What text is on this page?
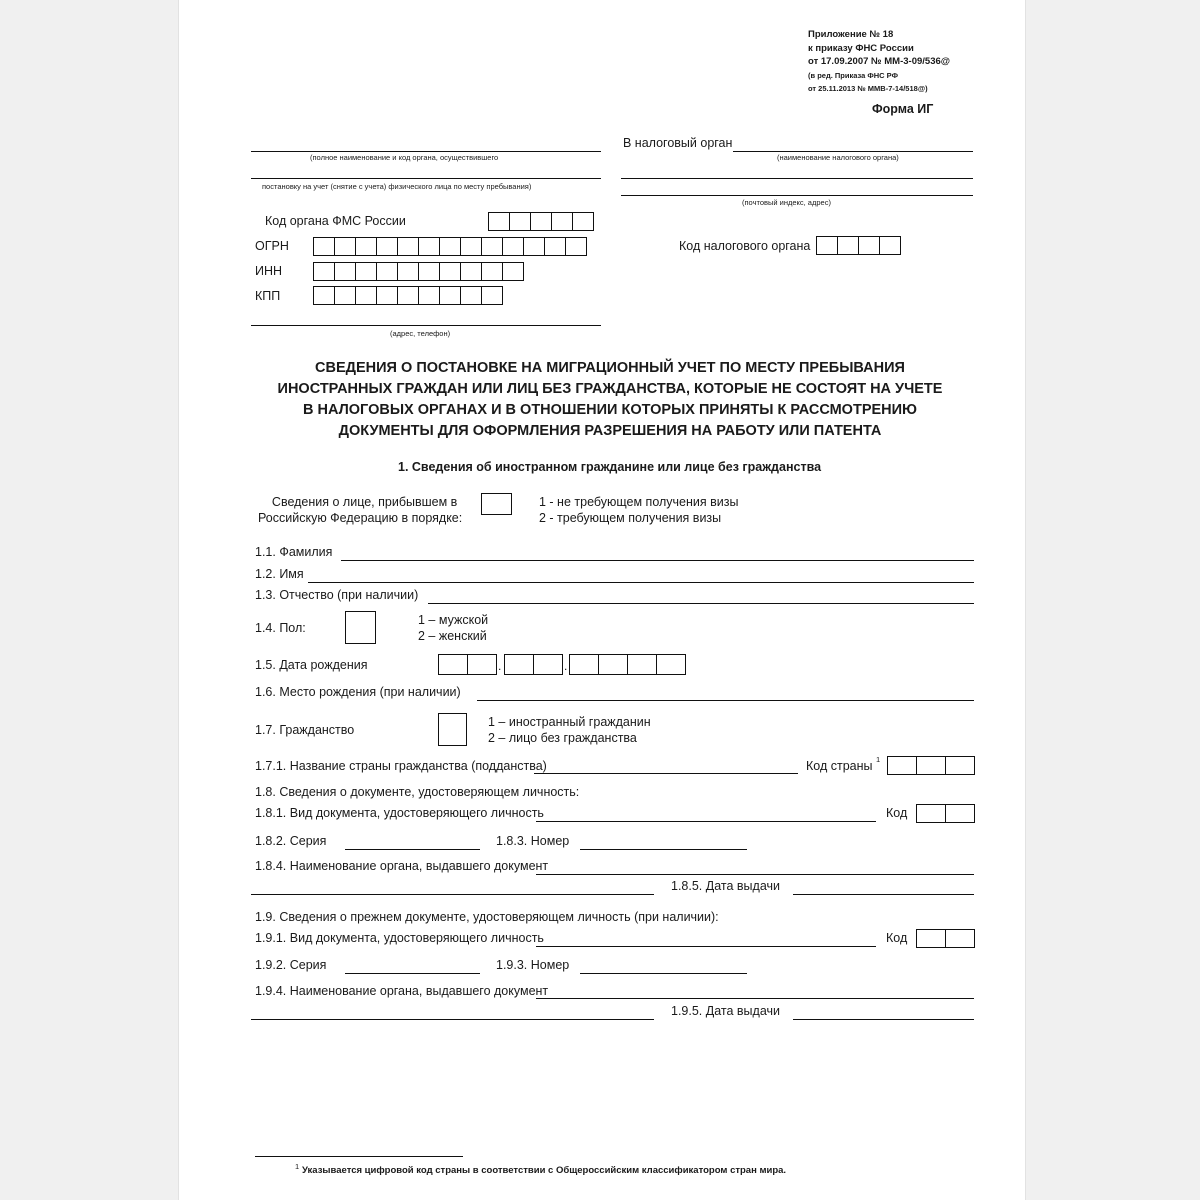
Приложение № 18
к приказу ФНС России
от 17.09.2007 № ММ-3-09/536@
(в ред. Приказа ФНС РФ
от 25.11.2013 № ММВ-7-14/518@)
Форма ИГ
(полное наименование и код органа, осуществившего
постановку на учет (снятие с учета) физического лица по месту пребывания)
Код органа ФМС России
ОГРН
ИНН
КПП
(адрес, телефон)
В налоговый орган
(наименование налогового органа)
(почтовый индекс, адрес)
Код налогового органа
СВЕДЕНИЯ О ПОСТАНОВКЕ НА МИГРАЦИОННЫЙ УЧЕТ ПО МЕСТУ ПРЕБЫВАНИЯ
ИНОСТРАННЫХ ГРАЖДАН ИЛИ ЛИЦ БЕЗ ГРАЖДАНСТВА, КОТОРЫЕ НЕ СОСТОЯТ НА УЧЕТЕ
В НАЛОГОВЫХ ОРГАНАХ И В ОТНОШЕНИИ КОТОРЫХ ПРИНЯТЫ К РАССМОТРЕНИЮ
ДОКУМЕНТЫ ДЛЯ ОФОРМЛЕНИЯ РАЗРЕШЕНИЯ НА РАБОТУ ИЛИ ПАТЕНТА
1. Сведения об иностранном гражданине или лице без гражданства
Сведения о лице, прибывшем в
Российскую Федерацию в порядке:
1 - не требующем получения визы
2 - требующем получения визы
1.1. Фамилия
1.2. Имя
1.3. Отчество (при наличии)
1.4. Пол:
1 – мужской
2 – женский
1.5. Дата рождения	.	.
1.6. Место рождения (при наличии)
1.7. Гражданство
1 – иностранный гражданин
2 – лицо без гражданства
1.7.1. Название страны гражданства (подданства)	Код страны 1
1.8. Сведения о документе, удостоверяющем личность:
1.8.1. Вид документа, удостоверяющего личность	Код
1.8.2. Серия	1.8.3. Номер
1.8.4. Наименование органа, выдавшего документ
1.8.5. Дата выдачи
1.9. Сведения о прежнем документе, удостоверяющем личность (при наличии):
1.9.1. Вид документа, удостоверяющего личность	Код
1.9.2. Серия	1.9.3. Номер
1.9.4. Наименование органа, выдавшего документ
1.9.5. Дата выдачи
1 Указывается цифровой код страны в соответствии с Общероссийским классификатором стран мира.
